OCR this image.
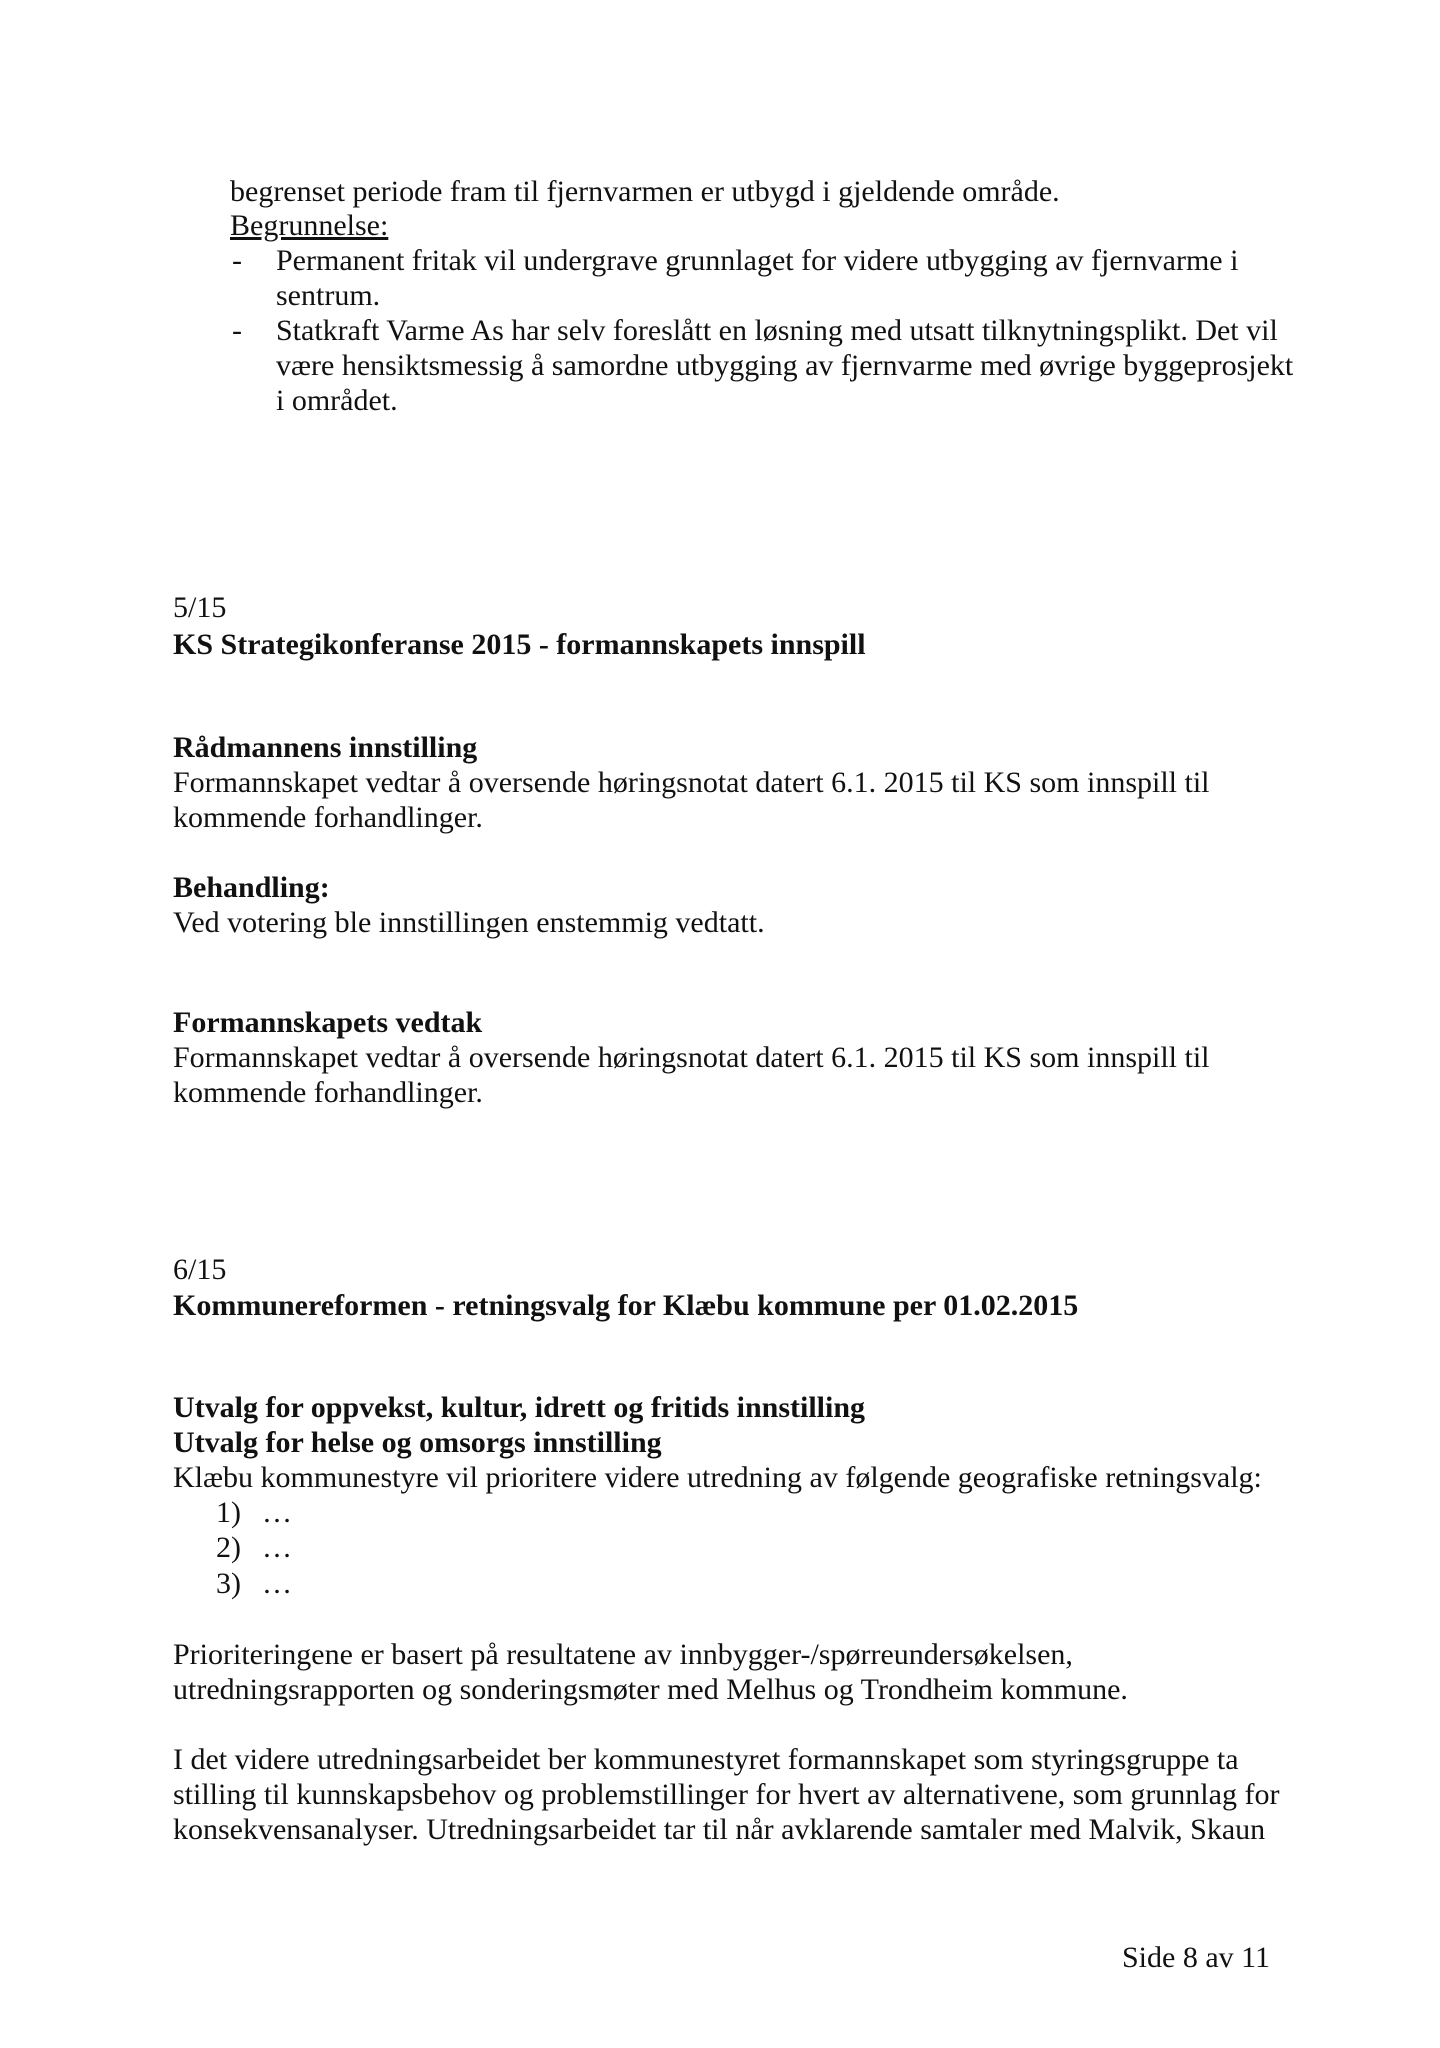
begrenset periode fram til fjernvarmen er utbygd i gjeldende område.
Begrunnelse:
- Permanent fritak vil undergrave grunnlaget for videre utbygging av fjernvarme i
sentrum.
- Statkraft Varme As har selv foreslått en løsning med utsatt tilknytningsplikt. Det vil
være hensiktsmessig å samordne utbygging av fjernvarme med øvrige byggeprosjekt
i området.
5/15
KS Strategikonferanse 2015 - formannskapets innspill
Rådmannens innstilling
Formannskapet vedtar å oversende høringsnotat datert 6.1. 2015 til KS som innspill til
kommende forhandlinger.
Behandling:
Ved votering ble innstillingen enstemmig vedtatt.
Formannskapets vedtak
Formannskapet vedtar å oversende høringsnotat datert 6.1. 2015 til KS som innspill til
kommende forhandlinger.
6/15
Kommunereformen - retningsvalg for Klæbu kommune per 01.02.2015
Utvalg for oppvekst, kultur, idrett og fritids innstilling
Utvalg for helse og omsorgs innstilling
Klæbu kommunestyre vil prioritere videre utredning av følgende geografiske retningsvalg:
1) …
2) …
3) …
Prioriteringene er basert på resultatene av innbygger-/spørreundersøkelsen,
utredningsrapporten og sonderingsmøter med Melhus og Trondheim kommune.
I det videre utredningsarbeidet ber kommunestyret formannskapet som styringsgruppe ta
stilling til kunnskapsbehov og problemstillinger for hvert av alternativene, som grunnlag for
konsekvensanalyser. Utredningsarbeidet tar til når avklarende samtaler med Malvik, Skaun
Side 8 av 11
